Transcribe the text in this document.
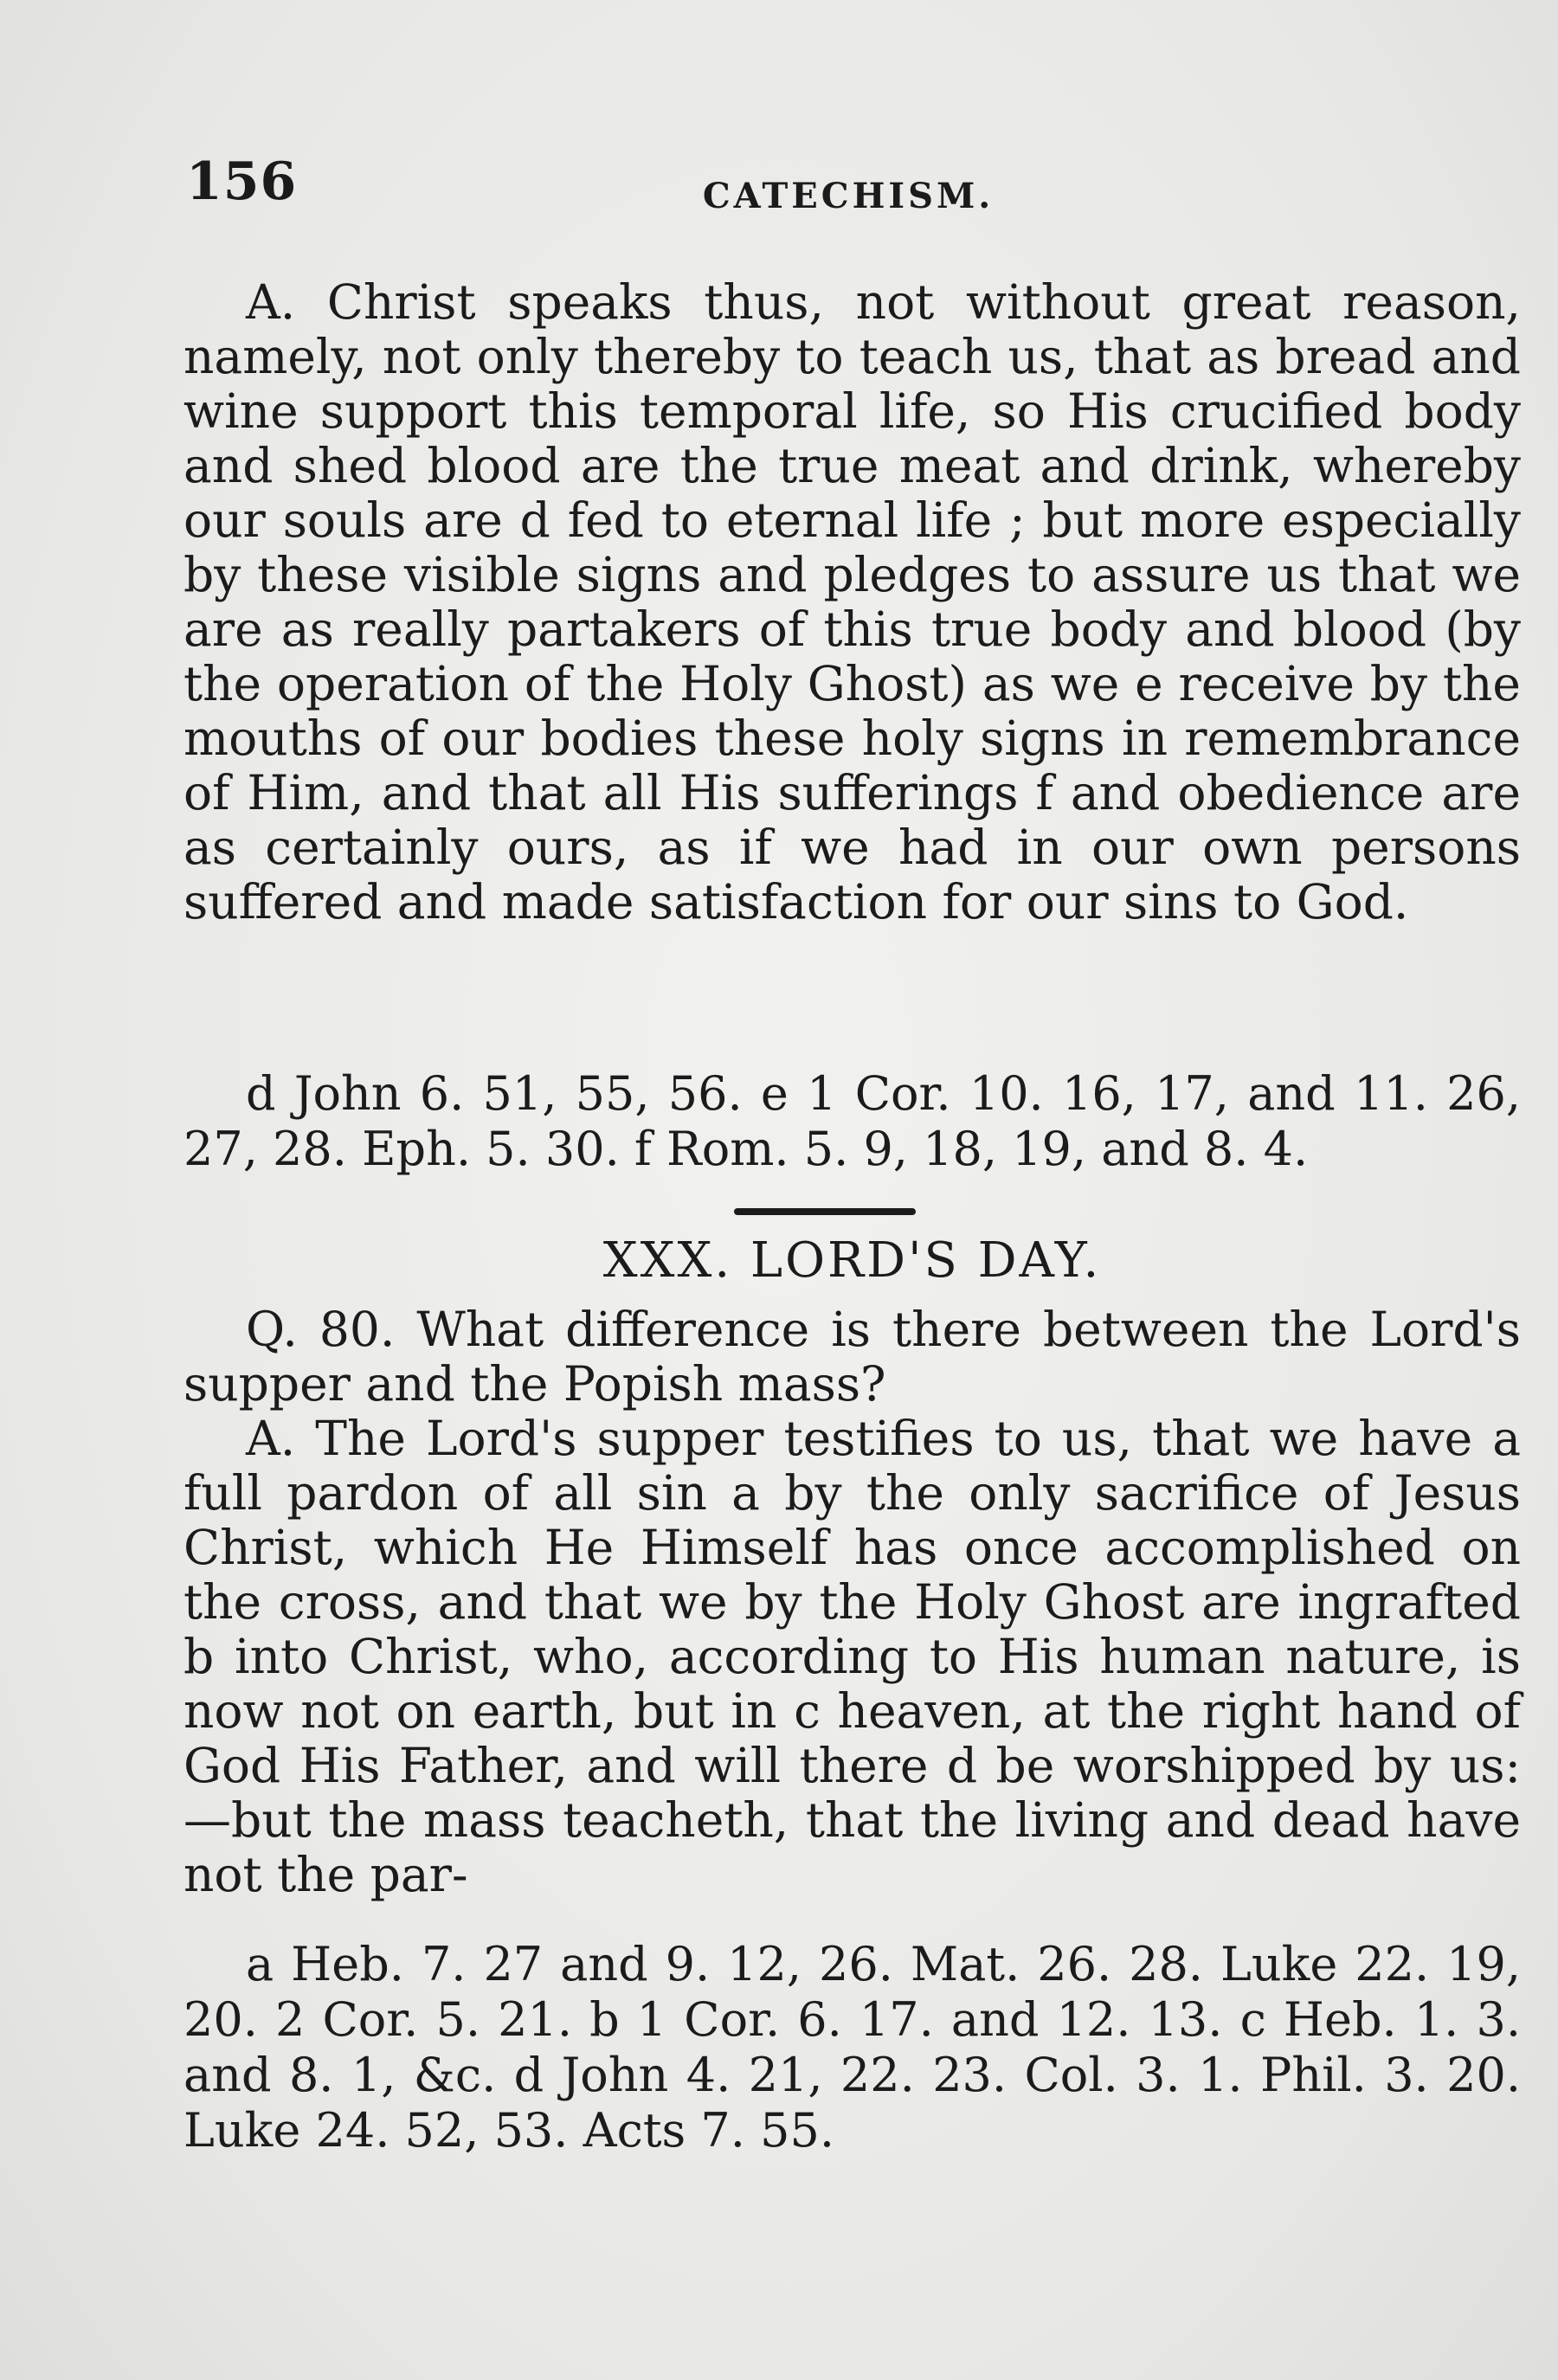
156	CATECHISM.

A. Christ speaks thus, not without great reason, namely, not only thereby to teach us, that as bread and wine support this temporal life, so His crucified body and shed blood are the true meat and drink, whereby our souls are d fed to eternal life ; but more especially by these visible signs and pledges to assure us that we are as really partakers of this true body and blood (by the operation of the Holy Ghost) as we e receive by the mouths of our bodies these holy signs in remembrance of Him, and that all His sufferings f and obedience are as certainly ours, as if we had in our own persons suffered and made satisfaction for our sins to God.

d John 6. 51, 55, 56. e 1 Cor. 10. 16, 17, and 11. 26, 27, 28. Eph. 5. 30. f Rom. 5. 9, 18, 19, and 8. 4.

XXX. LORD'S DAY.

Q. 80. What difference is there between the Lord's supper and the Popish mass?

A. The Lord's supper testifies to us, that we have a full pardon of all sin a by the only sacrifice of Jesus Christ, which He Himself has once accomplished on the cross, and that we by the Holy Ghost are ingrafted b into Christ, who, according to His human nature, is now not on earth, but in c heaven, at the right hand of God His Father, and will there d be worshipped by us:—but the mass teacheth, that the living and dead have not the par-

a Heb. 7. 27 and 9. 12, 26. Mat. 26. 28. Luke 22. 19, 20. 2 Cor. 5. 21. b 1 Cor. 6. 17. and 12. 13. c Heb. 1. 3. and 8. 1, &c. d John 4. 21, 22. 23. Col. 3. 1. Phil. 3. 20. Luke 24. 52, 53. Acts 7. 55.
